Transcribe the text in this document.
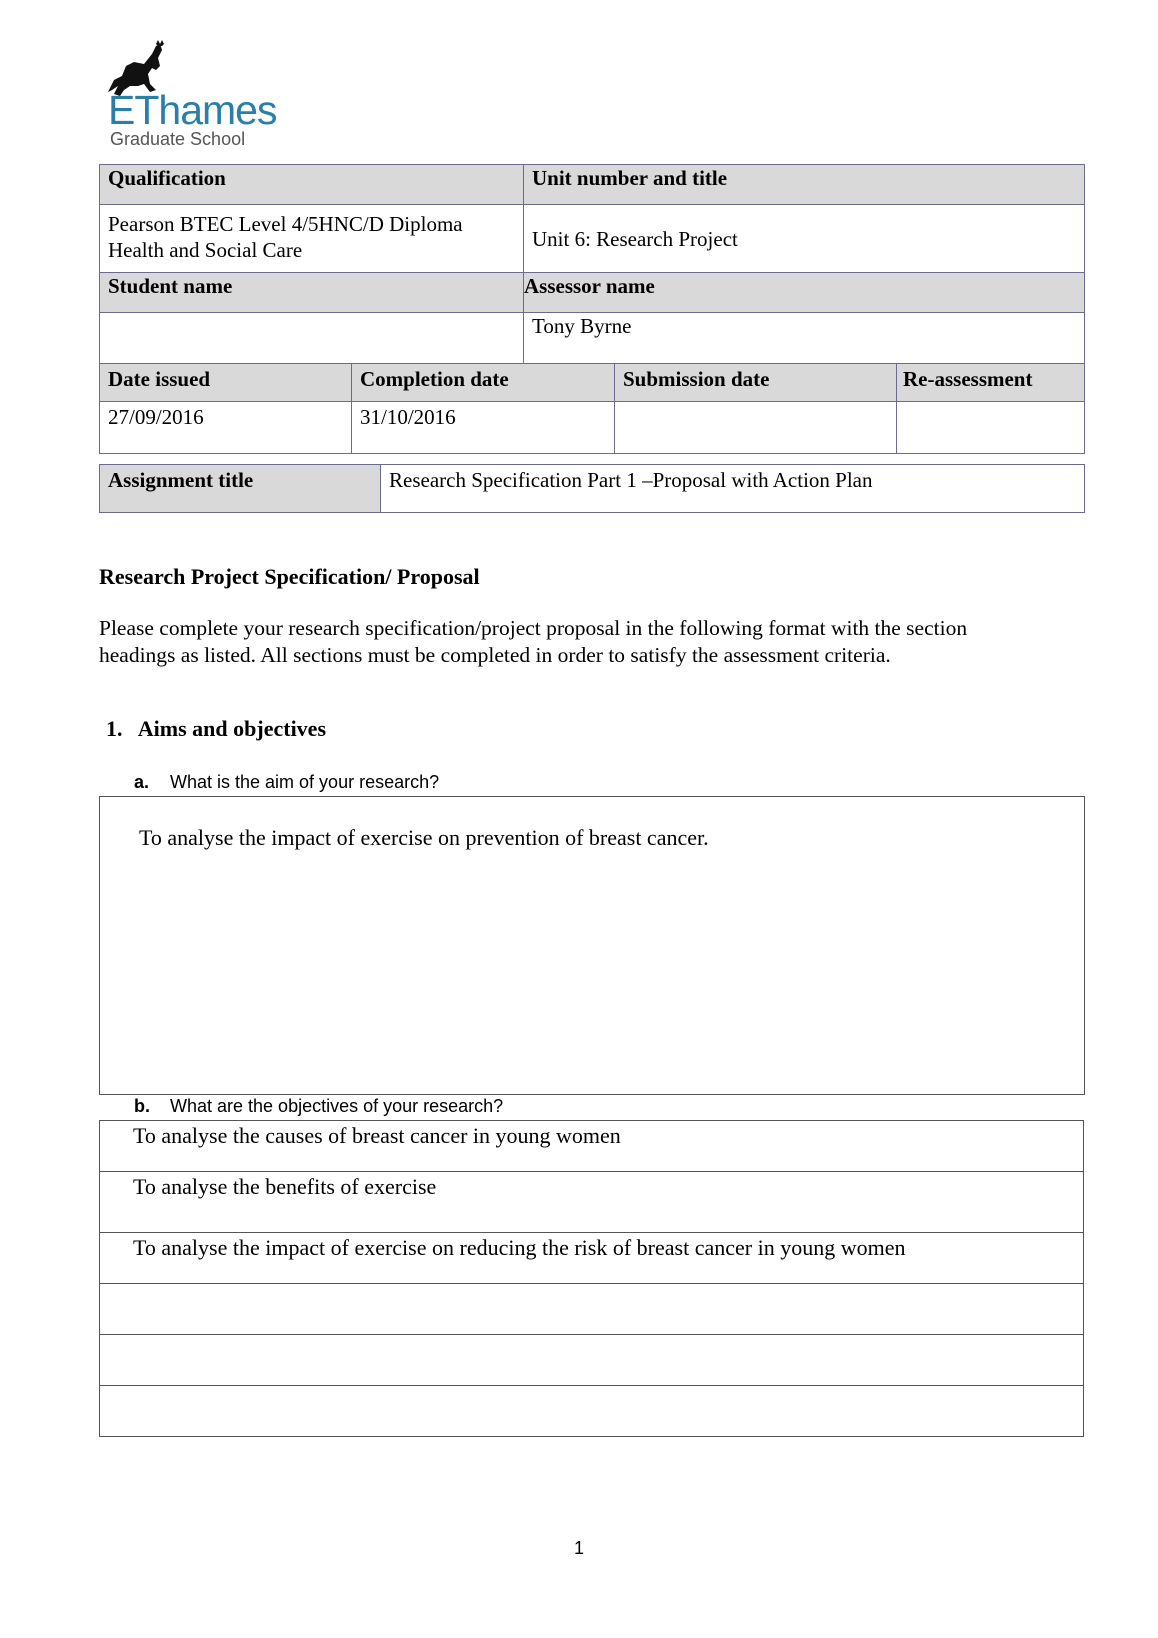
EThames
Graduate School
Qualification	Unit number and title
Pearson BTEC Level 4/5HNC/D Diploma Health and Social Care	Unit 6: Research Project
Student name	Assessor name
	Tony Byrne
Date issued	Completion date	Submission date	Re-assessment
27/09/2016	31/10/2016		
Assignment title	Research Specification Part 1 –Proposal with Action Plan
Research Project Specification/ Proposal
Please complete your research specification/project proposal in the following format with the section headings as listed. All sections must be completed in order to satisfy the assessment criteria.
1. Aims and objectives
a. What is the aim of your research?
To analyse the impact of exercise on prevention of breast cancer.
b. What are the objectives of your research?
To analyse the causes of breast cancer in young women
To analyse the benefits of exercise
To analyse the impact of exercise on reducing the risk of breast cancer in young women
1
